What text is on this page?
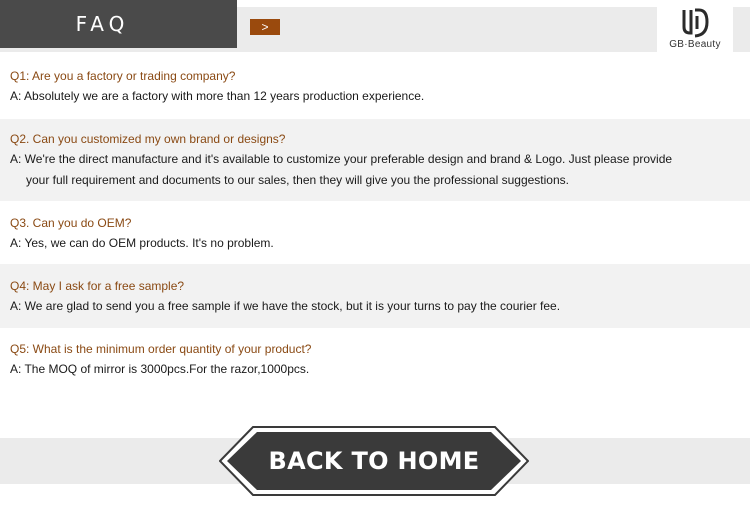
FAQ	>
GB·Beauty
Q1: Are you a factory or trading company?
A: Absolutely we are a factory with more than 12 years production experience.
Q2. Can you customized my own brand or designs?
A: We're the direct manufacture and it's available to customize your preferable design and brand & Logo. Just please provide
your full requirement and documents to our sales, then they will give you the professional suggestions.
Q3. Can you do OEM?
A: Yes, we can do OEM products. It's no problem.
Q4: May I ask for a free sample?
A: We are glad to send you a free sample if we have the stock, but it is your turns to pay the courier fee.
Q5: What is the minimum order quantity of your product?
A: The MOQ of mirror is 3000pcs.For the razor,1000pcs.
BACK TO HOME
